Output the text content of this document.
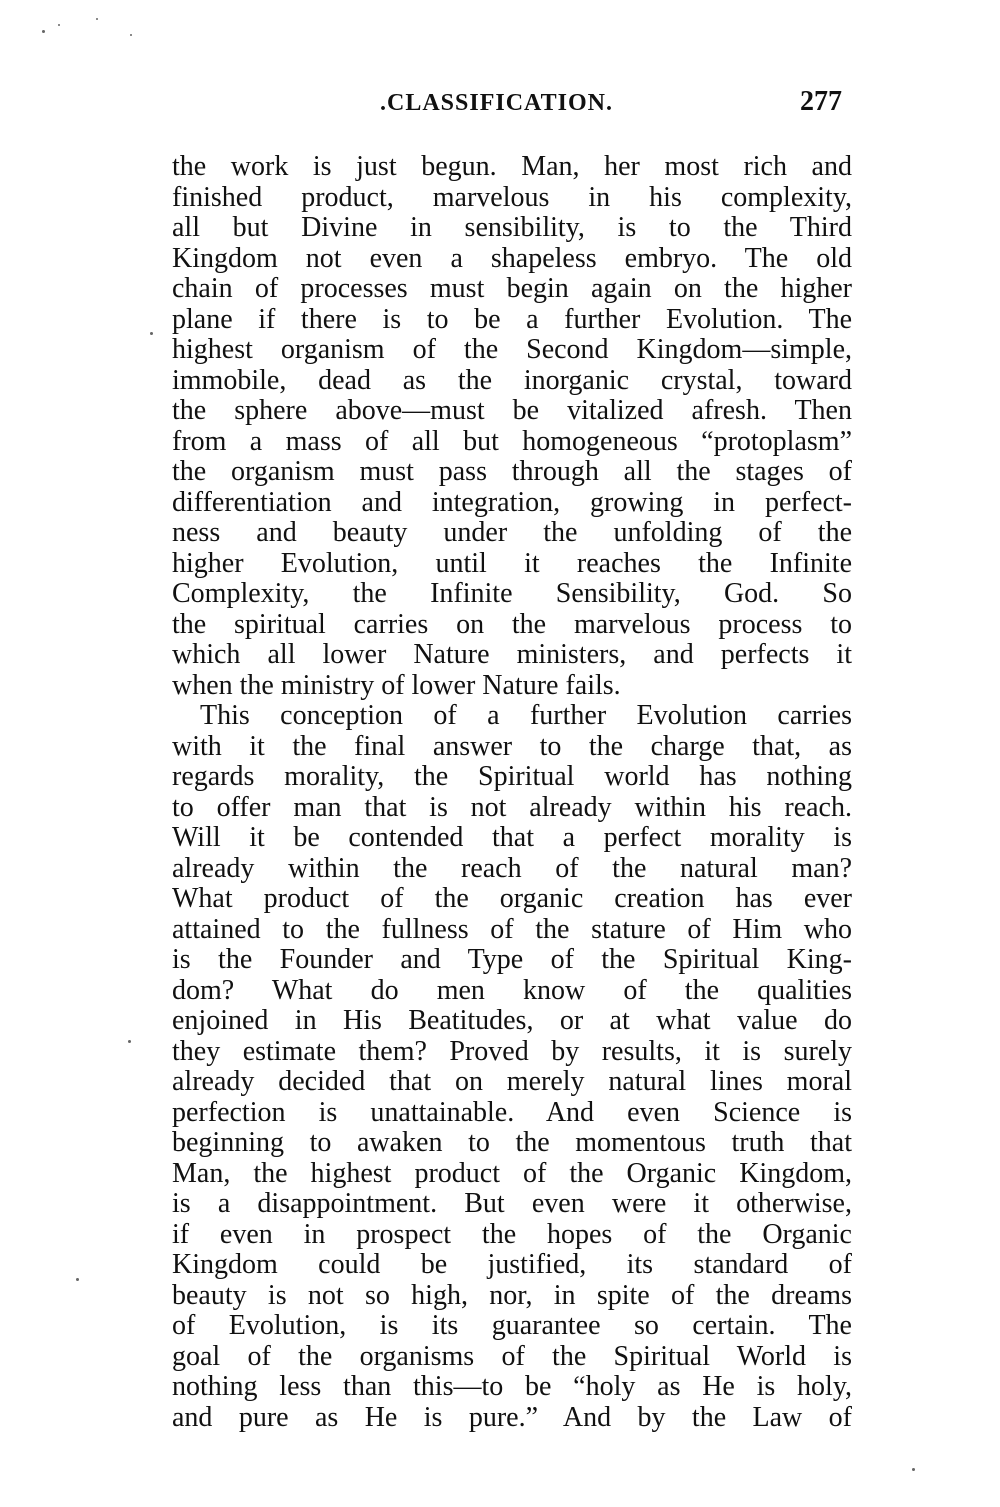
.CLASSIFICATION.	277
the work is just begun. Man, her most rich and
finished product, marvelous in his complexity,
all but Divine in sensibility, is to the Third
Kingdom not even a shapeless embryo. The old
chain of processes must begin again on the higher
plane if there is to be a further Evolution. The
highest organism of the Second Kingdom—simple,
immobile, dead as the inorganic crystal, toward
the sphere above—must be vitalized afresh. Then
from a mass of all but homogeneous “protoplasm”
the organism must pass through all the stages of
differentiation and integration, growing in perfect-
ness and beauty under the unfolding of the
higher Evolution, until it reaches the Infinite
Complexity, the Infinite Sensibility, God. So
the spiritual carries on the marvelous process to
which all lower Nature ministers, and perfects it
when the ministry of lower Nature fails.
This conception of a further Evolution carries
with it the final answer to the charge that, as
regards morality, the Spiritual world has nothing
to offer man that is not already within his reach.
Will it be contended that a perfect morality is
already within the reach of the natural man?
What product of the organic creation has ever
attained to the fullness of the stature of Him who
is the Founder and Type of the Spiritual King-
dom? What do men know of the qualities
enjoined in His Beatitudes, or at what value do
they estimate them? Proved by results, it is surely
already decided that on merely natural lines moral
perfection is unattainable. And even Science is
beginning to awaken to the momentous truth that
Man, the highest product of the Organic Kingdom,
is a disappointment. But even were it otherwise,
if even in prospect the hopes of the Organic
Kingdom could be justified, its standard of
beauty is not so high, nor, in spite of the dreams
of Evolution, is its guarantee so certain. The
goal of the organisms of the Spiritual World is
nothing less than this—to be “holy as He is holy,
and pure as He is pure.” And by the Law of
